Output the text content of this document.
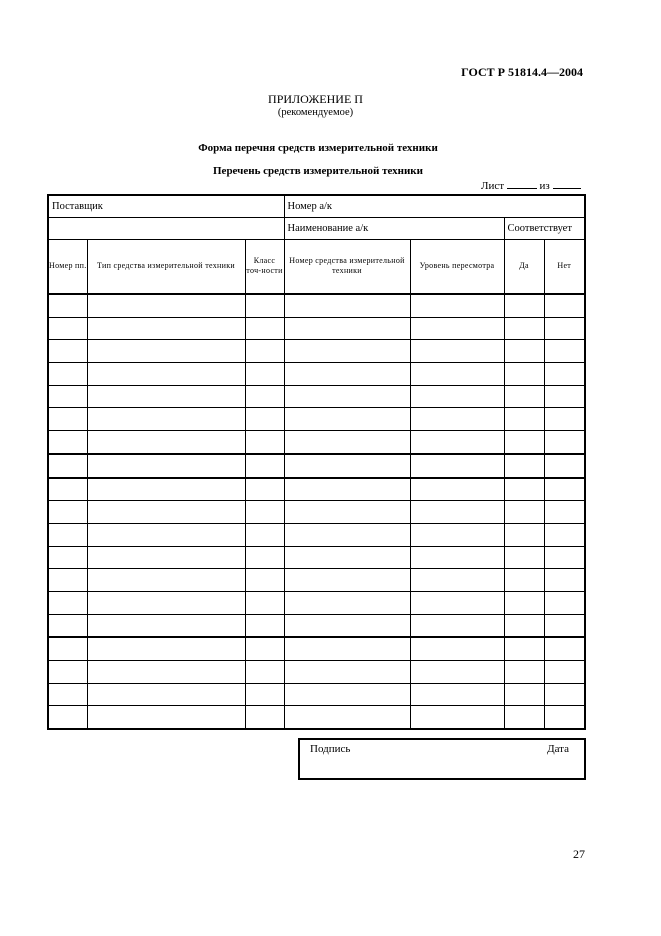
ГОСТ Р 51814.4—2004
ПРИЛОЖЕНИЕ П
(рекомендуемое)
Форма перечня средств измерительной техники
Перечень средств измерительной техники
Лист	из
Поставщик			Номер а/к			
			Наименование а/к		Соответствует	
Номер пп.	Тип средства измерительной техники	Класс точ-ности	Номер средства измерительной техники	Уровень пересмотра	Да	Нет

Подпись	Дата
27
